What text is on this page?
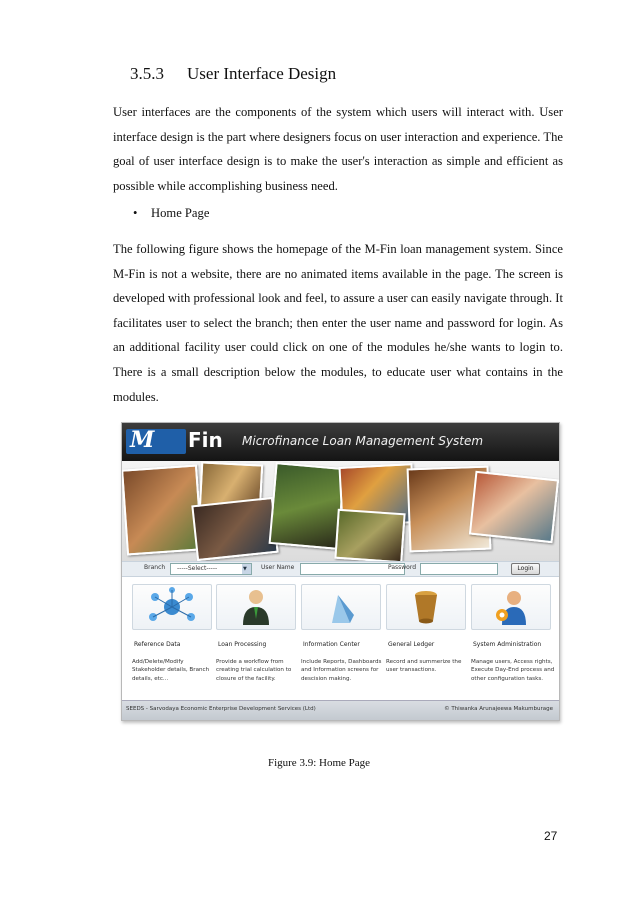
3.5.3 User Interface Design
User interfaces are the components of the system which users will interact with. User interface design is the part where designers focus on user interaction and experience. The goal of user interface design is to make the user's interaction as simple and efficient as possible while accomplishing business need.
• Home Page
The following figure shows the homepage of the M-Fin loan management system. Since M-Fin is not a website, there are no animated items available in the page. The screen is developed with professional look and feel, to assure a user can easily navigate through. It facilitates user to select the branch; then enter the user name and password for login. As an additional facility user could click on one of the modules he/she wants to login to. There is a small description below the modules, to educate user what contains in the modules.
M Fin Microfinance Loan Management System
Branch	-----Select-----	▼	User Name	Password	Login
Reference Data	Loan Processing	Information Center	General Ledger	System Administration
Add/Delete/Modify Stakeholder details, Branch details, etc...
Provide a workflow from creating trial calculation to closure of the facility.
Include Reports, Dashboards and Information screens for descision making.
Record and summerize the user transactions.
Manage users, Access rights, Execute Day-End process and other configuration tasks.
SEEDS - Sarvodaya Economic Enterprise Development Services (Ltd)	© Thiwanka Arunajeewa Makumburage
Figure 3.9: Home Page
27
